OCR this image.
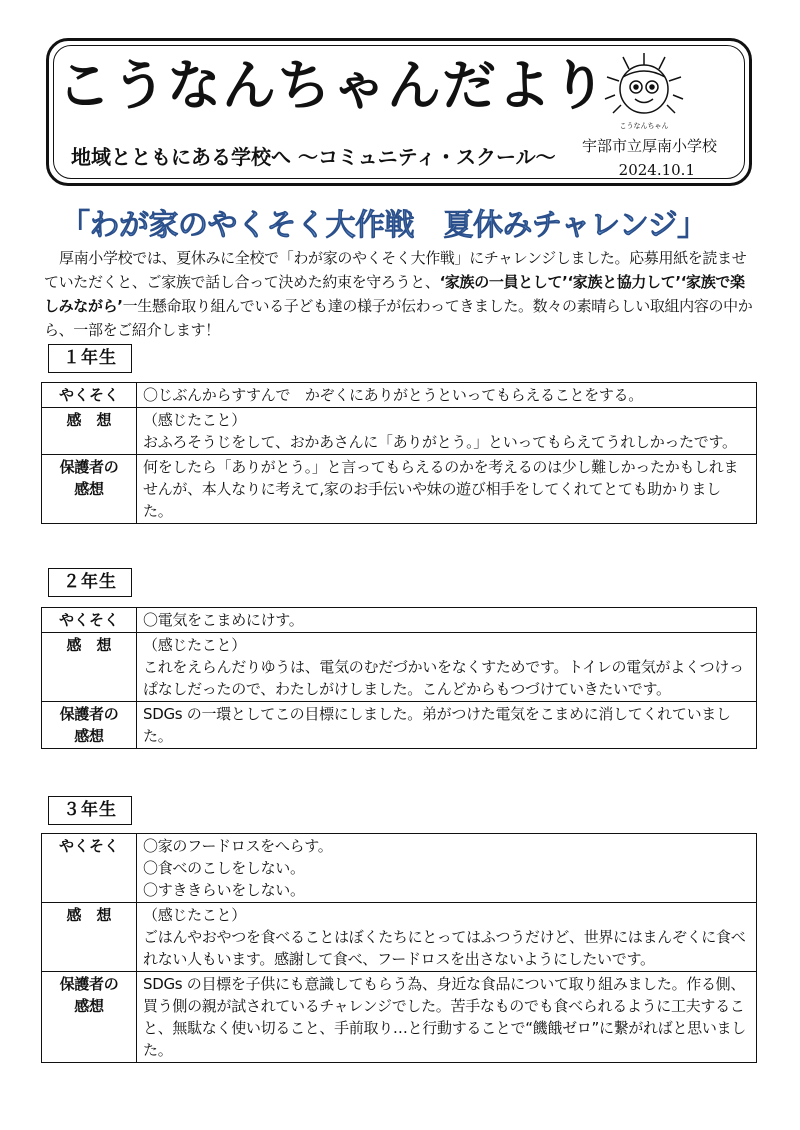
こうなんちゃんだより
地域とともにある学校へ ～コミュニティ・スクール～ 宇部市立厚南小学校
2024.10.1
こうなんちゃん
「わが家のやくそく大作戦　夏休みチャレンジ」
厚南小学校では、夏休みに全校で「わが家のやくそく大作戦」にチャレンジしました。応募用紙を読ませていただくと、ご家族で話し合って決めた約束を守ろうと、‘家族の一員として’‘家族と協力して’‘家族で楽しみながら’一生懸命取り組んでいる子ども達の様子が伝わってきました。数々の素晴らしい取組内容の中から、一部をご紹介します！
１年生
やくそく	〇じぶんからすすんで　かぞくにありがとうといってもらえることをする。

感　想	（感じたこと）
おふろそうじをして、おかあさんに「ありがとう。」といってもらえてうれしかったです。

保護者の
感想	何をしたら「ありがとう。」と言ってもらえるのかを考えるのは少し難しかったかもしれませんが、本人なりに考えて,家のお手伝いや妹の遊び相手をしてくれてとても助かりました。
２年生
やくそく	〇電気をこまめにけす。

感　想	（感じたこと）
これをえらんだりゆうは、電気のむだづかいをなくすためです。トイレの電気がよくつけっぱなしだったので、わたしがけしました。こんどからもつづけていきたいです。

保護者の
感想	SDGs の一環としてこの目標にしました。弟がつけた電気をこまめに消してくれていました。
３年生
やくそく	〇家のフードロスをへらす。
〇食べのこしをしない。
〇すききらいをしない。

感　想	（感じたこと）
ごはんやおやつを食べることはぼくたちにとってはふつうだけど、世界にはまんぞくに食べれない人もいます。感謝して食べ、フードロスを出さないようにしたいです。

保護者の
感想	SDGs の目標を子供にも意識してもらう為、身近な食品について取り組みました。作る側、買う側の親が試されているチャレンジでした。苦手なものでも食べられるように工夫すること、無駄なく使い切ること、手前取り…と行動することで“饑餓ゼロ”に繋がればと思いました。
